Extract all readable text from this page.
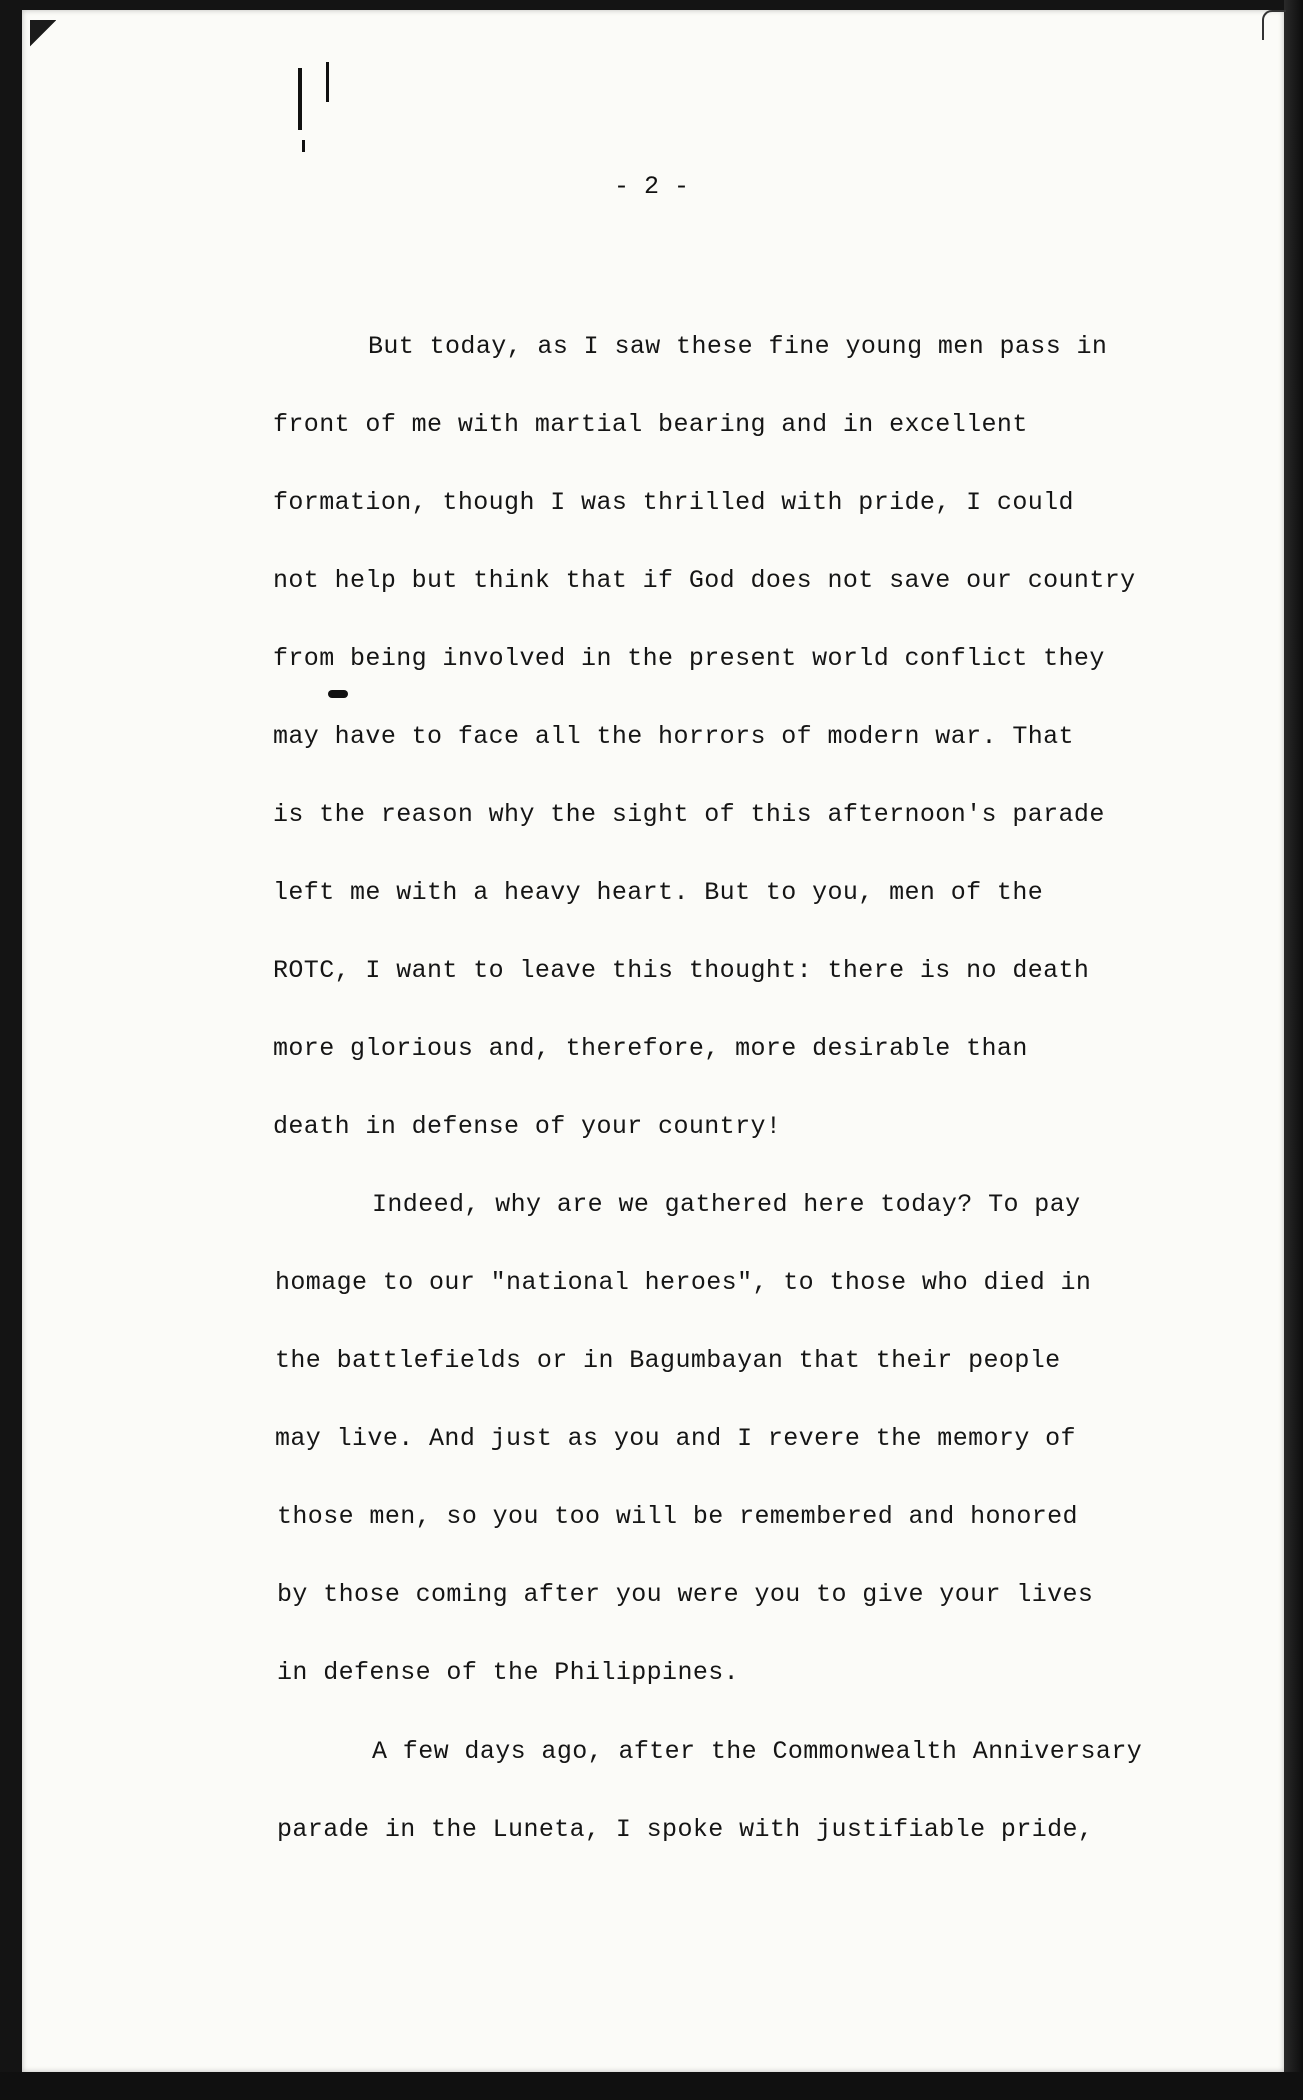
- 2 -
But today, as I saw these fine young men pass in
front of me with martial bearing and in excellent
formation, though I was thrilled with pride, I could
not help but think that if God does not save our country
from being involved in the present world conflict they
may have to face all the horrors of modern war. That
is the reason why the sight of this afternoon's parade
left me with a heavy heart. But to you, men of the
ROTC, I want to leave this thought: there is no death
more glorious and, therefore, more desirable than
death in defense of your country!
Indeed, why are we gathered here today? To pay
homage to our "national heroes", to those who died in
the battlefields or in Bagumbayan that their people
may live. And just as you and I revere the memory of
those men, so you too will be remembered and honored
by those coming after you were you to give your lives
in defense of the Philippines.
A few days ago, after the Commonwealth Anniversary
parade in the Luneta, I spoke with justifiable pride,
